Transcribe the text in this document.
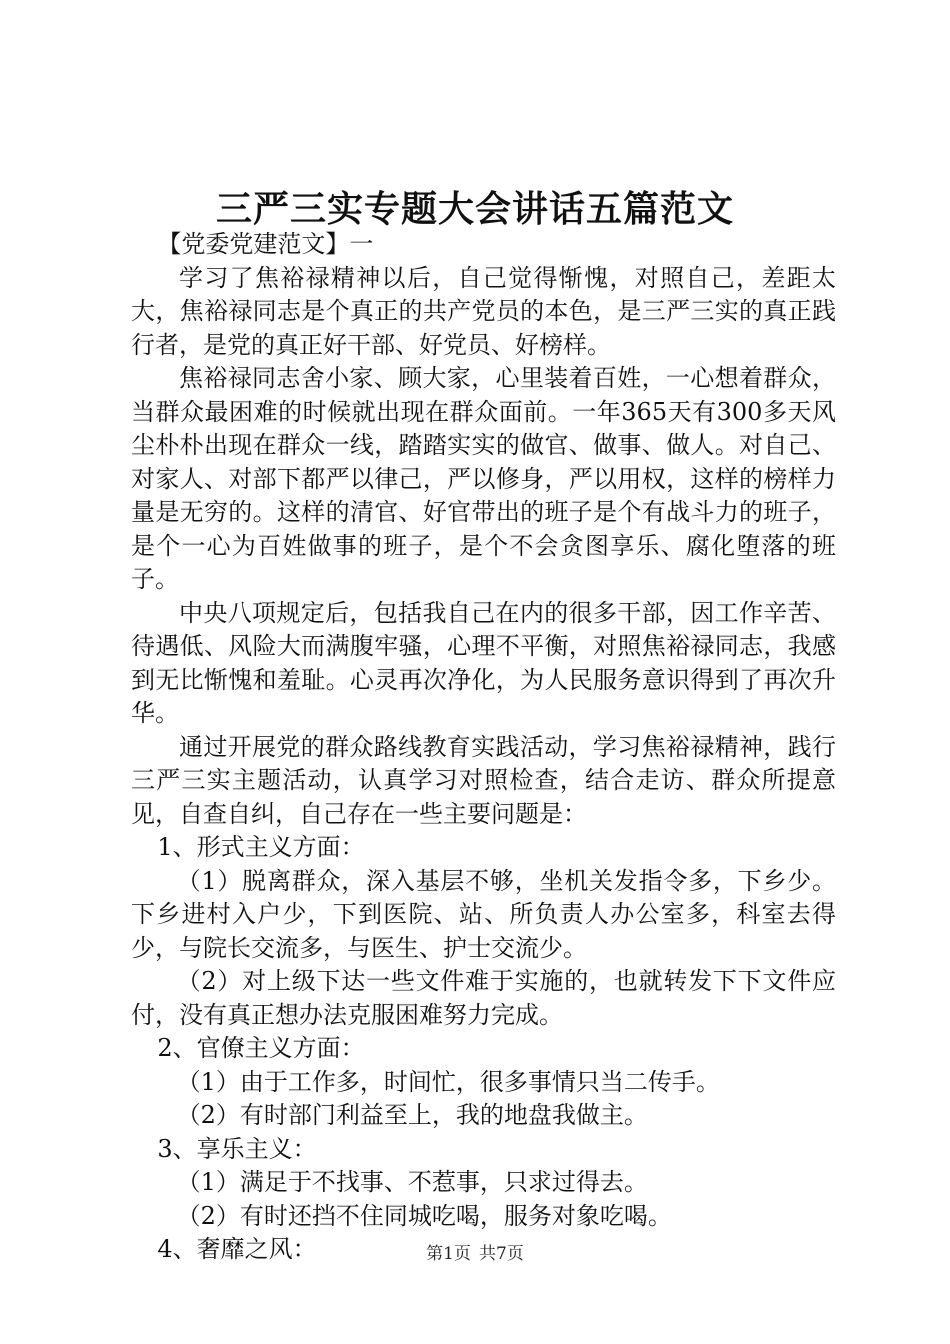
三严三实专题大会讲话五篇范文

【党委党建范文】一

学习了焦裕禄精神以后，自己觉得惭愧，对照自己，差距太大，焦裕禄同志是个真正的共产党员的本色，是三严三实的真正践行者，是党的真正好干部、好党员、好榜样。

焦裕禄同志舍小家、顾大家，心里装着百姓，一心想着群众，当群众最困难的时候就出现在群众面前。一年365天有300多天风尘朴朴出现在群众一线，踏踏实实的做官、做事、做人。对自己、对家人、对部下都严以律己，严以修身，严以用权，这样的榜样力量是无穷的。这样的清官、好官带出的班子是个有战斗力的班子，是个一心为百姓做事的班子，是个不会贪图享乐、腐化堕落的班子。

中央八项规定后，包括我自己在内的很多干部，因工作辛苦、待遇低、风险大而满腹牢骚，心理不平衡，对照焦裕禄同志，我感到无比惭愧和羞耻。心灵再次净化，为人民服务意识得到了再次升华。

通过开展党的群众路线教育实践活动，学习焦裕禄精神，践行三严三实主题活动，认真学习对照检查，结合走访、群众所提意见，自查自纠，自己存在一些主要问题是：

1、形式主义方面：

（1）脱离群众，深入基层不够，坐机关发指令多，下乡少。下乡进村入户少，下到医院、站、所负责人办公室多，科室去得少，与院长交流多，与医生、护士交流少。

（2）对上级下达一些文件难于实施的，也就转发下下文件应付，没有真正想办法克服困难努力完成。

2、官僚主义方面：

（1）由于工作多，时间忙，很多事情只当二传手。

（2）有时部门利益至上，我的地盘我做主。

3、享乐主义：

（1）满足于不找事、不惹事，只求过得去。

（2）有时还挡不住同城吃喝，服务对象吃喝。

4、奢靡之风：	第1页 共7页
